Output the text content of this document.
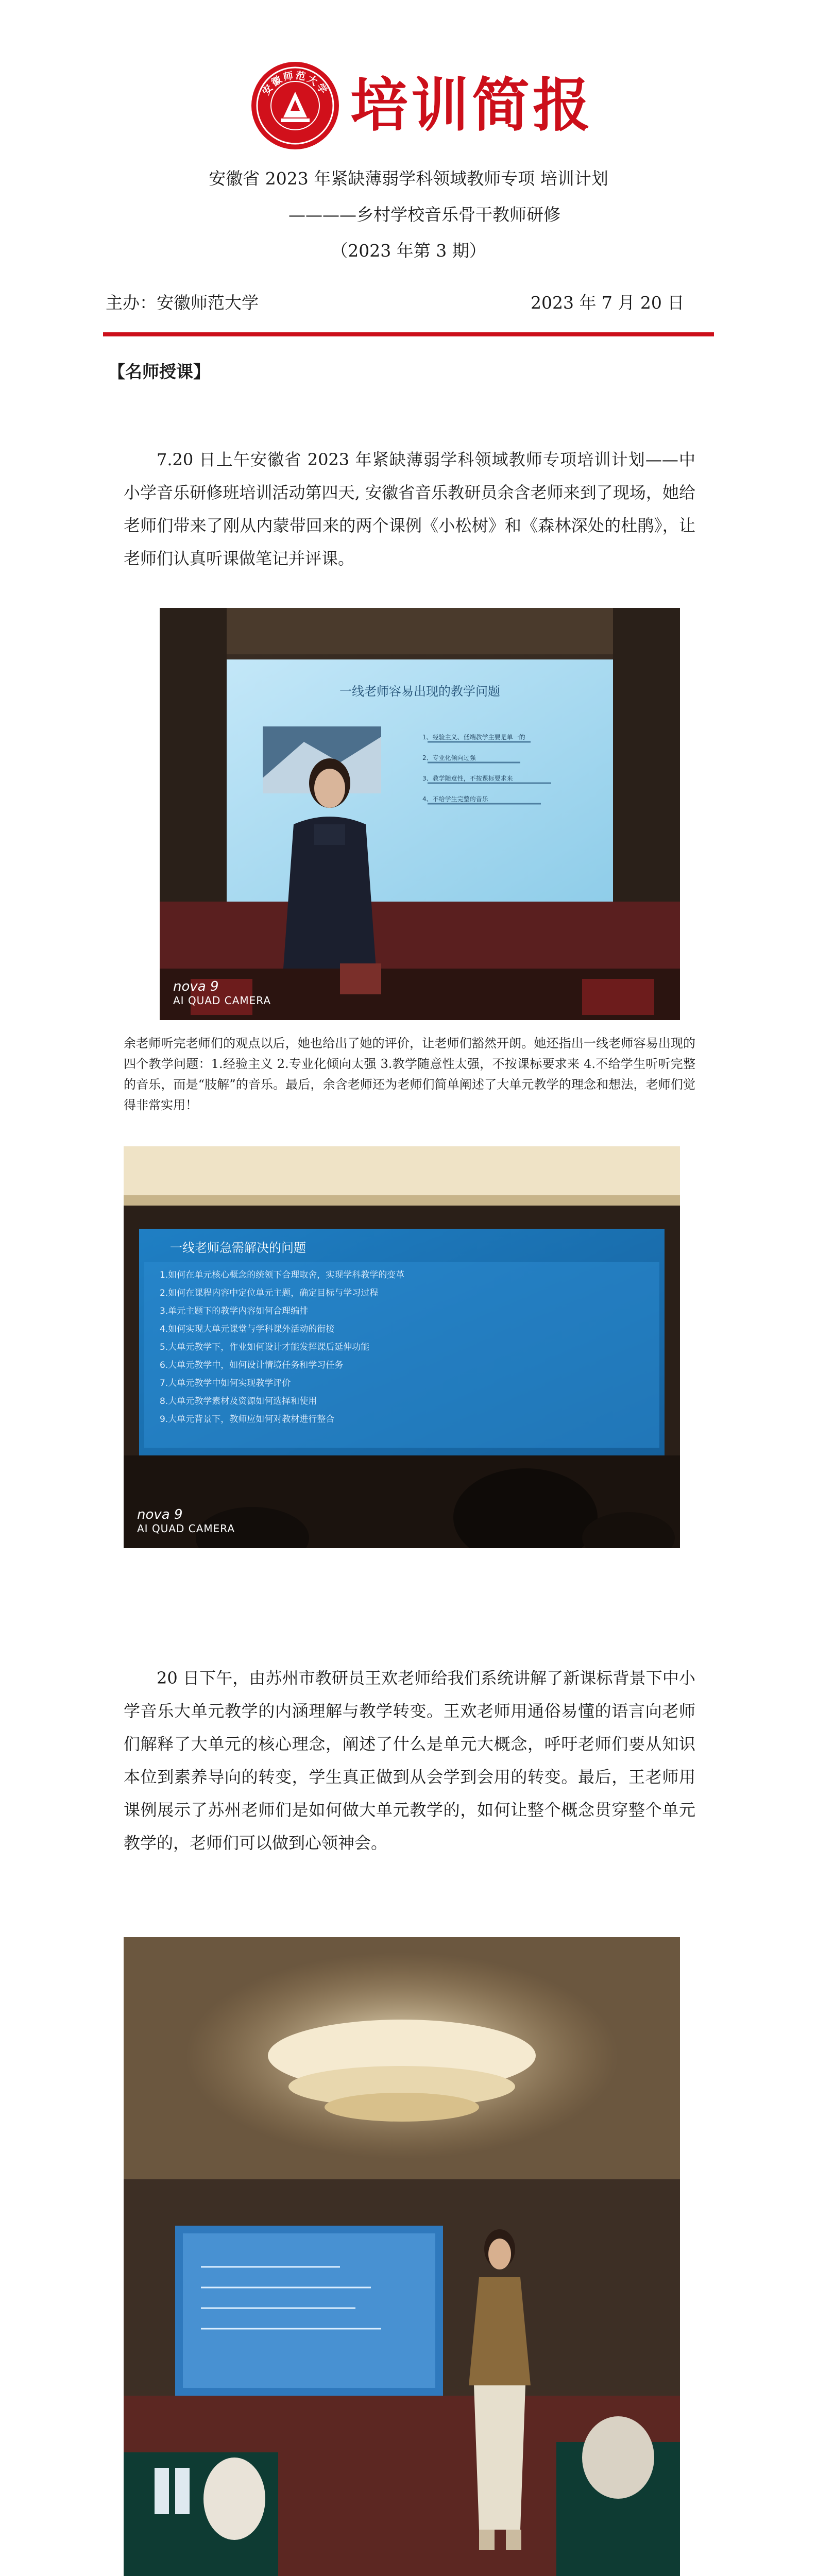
安徽师范大学 培训简报
安徽省 2023 年紧缺薄弱学科领域教师专项 培训计划
————乡村学校音乐骨干教师研修
（2023 年第 3 期）
主办：安徽师范大学	2023 年 7 月 20 日
【名师授课】
7.20 日上午安徽省 2023 年紧缺薄弱学科领域教师专项培训计划——中小学音乐研修班培训活动第四天, 安徽省音乐教研员余含老师来到了现场，她给老师们带来了刚从内蒙带回来的两个课例《小松树》和《森林深处的杜鹃》，让老师们认真听课做笔记并评课。
一线老师容易出现的教学问题
1、经验主义、低端教学主要是单一的
2、专业化倾向过强
3、教学随意性，不按课标要求来
4、不给学生完整的音乐
nova 9
AI QUAD CAMERA
余老师听完老师们的观点以后，她也给出了她的评价，让老师们豁然开朗。她还指出一线老师容易出现的四个教学问题：1.经验主义 2.专业化倾向太强 3.教学随意性太强，不按课标要求来 4.不给学生听听完整的音乐，而是“肢解”的音乐。最后，余含老师还为老师们简单阐述了大单元教学的理念和想法，老师们觉得非常实用！
一线老师急需解决的问题
1.如何在单元核心概念的统领下合理取舍，实现学科教学的变革
2.如何在课程内容中定位单元主题，确定目标与学习过程
3.单元主题下的教学内容如何合理编排
4.如何实现大单元课堂与学科课外活动的衔接
5.大单元教学下，作业如何设计才能发挥课后延伸功能
6.大单元教学中，如何设计情境任务和学习任务
7.大单元教学中如何实现教学评价
8.大单元教学素材及资源如何选择和使用
9.大单元背景下，教师应如何对教材进行整合
nova 9
AI QUAD CAMERA
20 日下午，由苏州市教研员王欢老师给我们系统讲解了新课标背景下中小学音乐大单元教学的内涵理解与教学转变。王欢老师用通俗易懂的语言向老师们解释了大单元的核心理念，阐述了什么是单元大概念，呼吁老师们要从知识本位到素养导向的转变，学生真正做到从会学到会用的转变。最后，王老师用课例展示了苏州老师们是如何做大单元教学的，如何让整个概念贯穿整个单元教学的，老师们可以做到心领神会。
